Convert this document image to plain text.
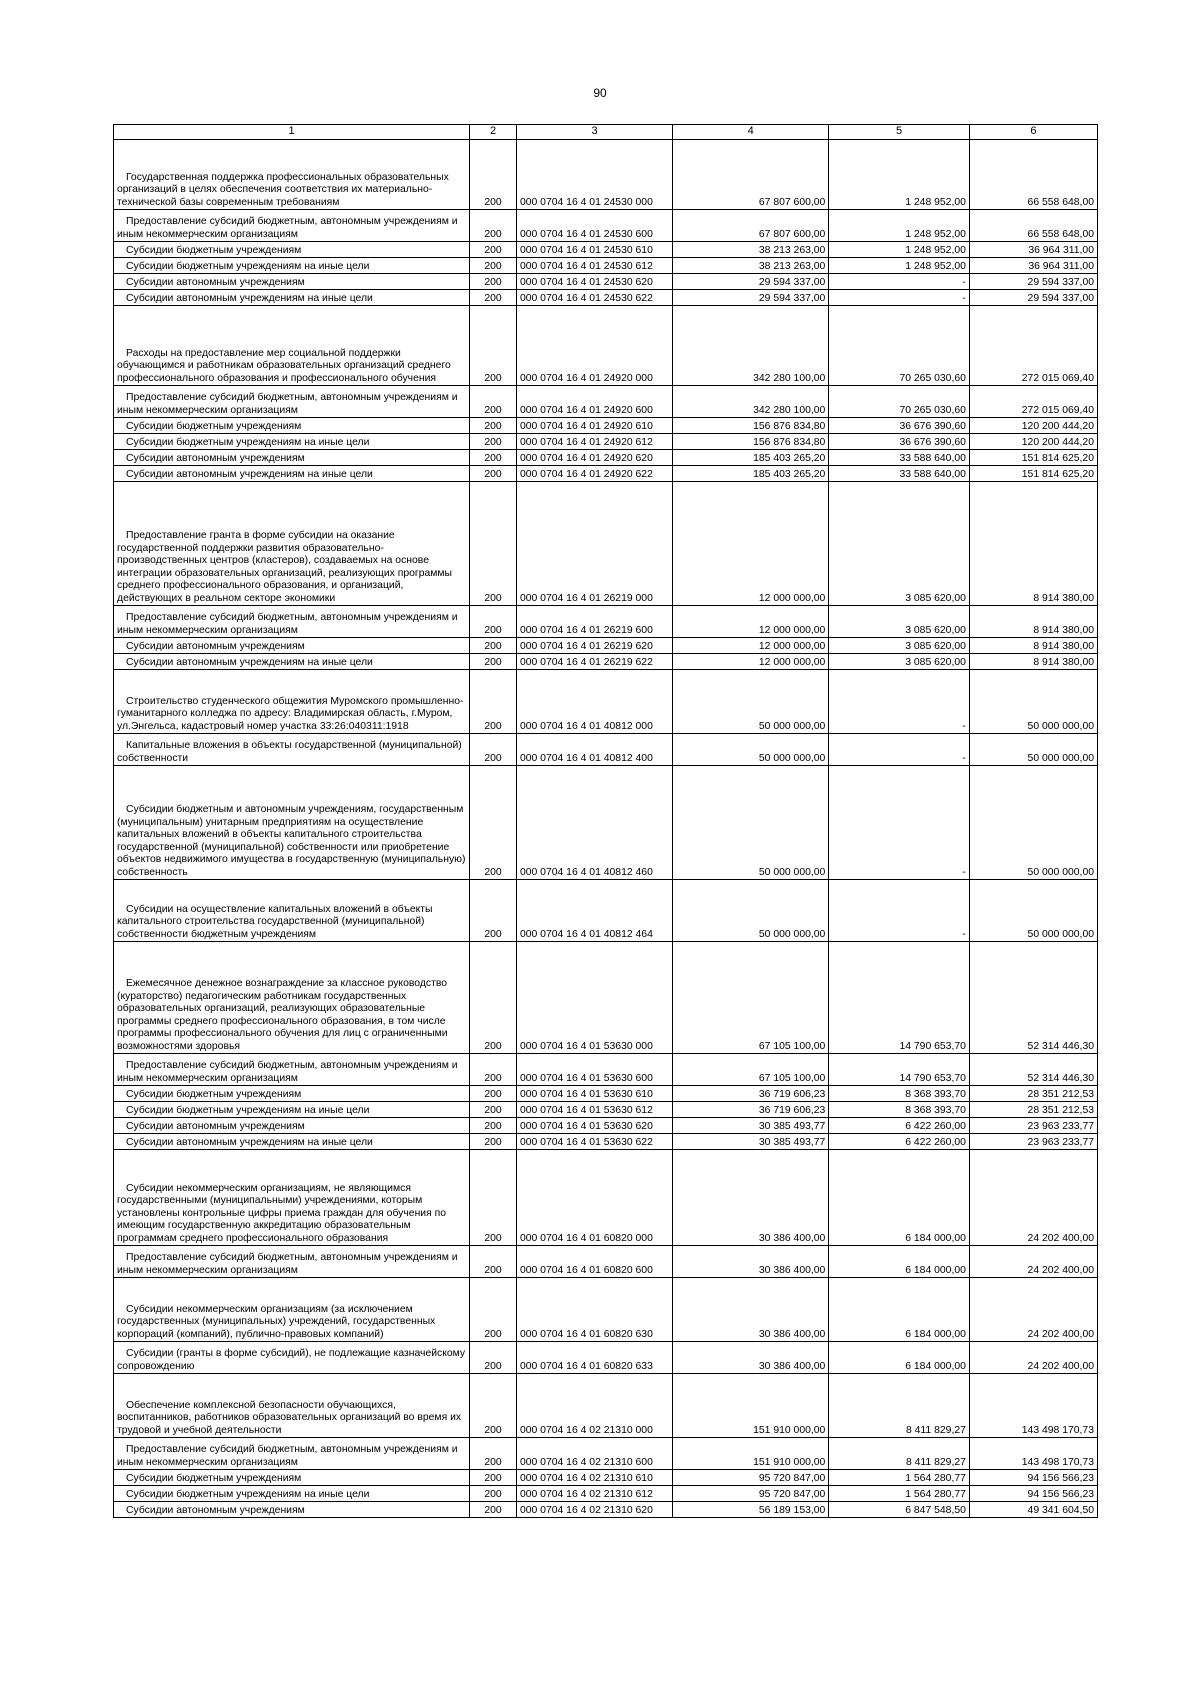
90
1	2	3	4	5	6
Государственная поддержка профессиональных образовательных организаций в целях обеспечения соответствия их материально-технической базы современным требованиям	200	000 0704 16 4 01 24530 000	67 807 600,00	1 248 952,00	66 558 648,00
Предоставление субсидий бюджетным, автономным учреждениям и иным некоммерческим организациям	200	000 0704 16 4 01 24530 600	67 807 600,00	1 248 952,00	66 558 648,00
Субсидии бюджетным учреждениям	200	000 0704 16 4 01 24530 610	38 213 263,00	1 248 952,00	36 964 311,00
Субсидии бюджетным учреждениям на иные цели	200	000 0704 16 4 01 24530 612	38 213 263,00	1 248 952,00	36 964 311,00
Субсидии автономным учреждениям	200	000 0704 16 4 01 24530 620	29 594 337,00	-	29 594 337,00
Субсидии автономным учреждениям на иные цели	200	000 0704 16 4 01 24530 622	29 594 337,00	-	29 594 337,00
Расходы на предоставление мер социальной поддержки обучающимся и работникам образовательных организаций среднего профессионального образования и профессионального обучения	200	000 0704 16 4 01 24920 000	342 280 100,00	70 265 030,60	272 015 069,40
Предоставление субсидий бюджетным, автономным учреждениям и иным некоммерческим организациям	200	000 0704 16 4 01 24920 600	342 280 100,00	70 265 030,60	272 015 069,40
Субсидии бюджетным учреждениям	200	000 0704 16 4 01 24920 610	156 876 834,80	36 676 390,60	120 200 444,20
Субсидии бюджетным учреждениям на иные цели	200	000 0704 16 4 01 24920 612	156 876 834,80	36 676 390,60	120 200 444,20
Субсидии автономным учреждениям	200	000 0704 16 4 01 24920 620	185 403 265,20	33 588 640,00	151 814 625,20
Субсидии автономным учреждениям на иные цели	200	000 0704 16 4 01 24920 622	185 403 265,20	33 588 640,00	151 814 625,20
Предоставление гранта в форме субсидии на оказание государственной поддержки развития образовательно-производственных центров (кластеров), создаваемых на основе интеграции образовательных организаций, реализующих программы среднего профессионального образования, и организаций, действующих в реальном секторе экономики	200	000 0704 16 4 01 26219 000	12 000 000,00	3 085 620,00	8 914 380,00
Предоставление субсидий бюджетным, автономным учреждениям и иным некоммерческим организациям	200	000 0704 16 4 01 26219 600	12 000 000,00	3 085 620,00	8 914 380,00
Субсидии автономным учреждениям	200	000 0704 16 4 01 26219 620	12 000 000,00	3 085 620,00	8 914 380,00
Субсидии автономным учреждениям на иные цели	200	000 0704 16 4 01 26219 622	12 000 000,00	3 085 620,00	8 914 380,00
Строительство студенческого общежития Муромского промышленно-гуманитарного колледжа по адресу: Владимирская область, г.Муром, ул.Энгельса, кадастровый номер участка 33:26:040311:1918	200	000 0704 16 4 01 40812 000	50 000 000,00	-	50 000 000,00
Капитальные вложения в объекты государственной (муниципальной) собственности	200	000 0704 16 4 01 40812 400	50 000 000,00	-	50 000 000,00
Субсидии бюджетным и автономным учреждениям, государственным (муниципальным) унитарным предприятиям на осуществление капитальных вложений в объекты капитального строительства государственной (муниципальной) собственности или приобретение объектов недвижимого имущества в государственную (муниципальную) собственность	200	000 0704 16 4 01 40812 460	50 000 000,00	-	50 000 000,00
Субсидии на осуществление капитальных вложений в объекты капитального строительства государственной (муниципальной) собственности бюджетным учреждениям	200	000 0704 16 4 01 40812 464	50 000 000,00	-	50 000 000,00
Ежемесячное денежное вознаграждение за классное руководство (кураторство) педагогическим работникам государственных образовательных организаций, реализующих образовательные программы среднего профессионального образования, в том числе программы профессионального обучения для лиц с ограниченными возможностями здоровья	200	000 0704 16 4 01 53630 000	67 105 100,00	14 790 653,70	52 314 446,30
Предоставление субсидий бюджетным, автономным учреждениям и иным некоммерческим организациям	200	000 0704 16 4 01 53630 600	67 105 100,00	14 790 653,70	52 314 446,30
Субсидии бюджетным учреждениям	200	000 0704 16 4 01 53630 610	36 719 606,23	8 368 393,70	28 351 212,53
Субсидии бюджетным учреждениям на иные цели	200	000 0704 16 4 01 53630 612	36 719 606,23	8 368 393,70	28 351 212,53
Субсидии автономным учреждениям	200	000 0704 16 4 01 53630 620	30 385 493,77	6 422 260,00	23 963 233,77
Субсидии автономным учреждениям на иные цели	200	000 0704 16 4 01 53630 622	30 385 493,77	6 422 260,00	23 963 233,77
Субсидии некоммерческим организациям, не являющимся государственными (муниципальными) учреждениями, которым установлены контрольные цифры приема граждан для обучения по имеющим государственную аккредитацию образовательным программам среднего профессионального образования	200	000 0704 16 4 01 60820 000	30 386 400,00	6 184 000,00	24 202 400,00
Предоставление субсидий бюджетным, автономным учреждениям и иным некоммерческим организациям	200	000 0704 16 4 01 60820 600	30 386 400,00	6 184 000,00	24 202 400,00
Субсидии некоммерческим организациям (за исключением государственных (муниципальных) учреждений, государственных корпораций (компаний), публично-правовых компаний)	200	000 0704 16 4 01 60820 630	30 386 400,00	6 184 000,00	24 202 400,00
Субсидии (гранты в форме субсидий), не подлежащие казначейскому сопровождению	200	000 0704 16 4 01 60820 633	30 386 400,00	6 184 000,00	24 202 400,00
Обеспечение комплексной безопасности обучающихся, воспитанников, работников образовательных организаций во время их трудовой и учебной деятельности	200	000 0704 16 4 02 21310 000	151 910 000,00	8 411 829,27	143 498 170,73
Предоставление субсидий бюджетным, автономным учреждениям и иным некоммерческим организациям	200	000 0704 16 4 02 21310 600	151 910 000,00	8 411 829,27	143 498 170,73
Субсидии бюджетным учреждениям	200	000 0704 16 4 02 21310 610	95 720 847,00	1 564 280,77	94 156 566,23
Субсидии бюджетным учреждениям на иные цели	200	000 0704 16 4 02 21310 612	95 720 847,00	1 564 280,77	94 156 566,23
Субсидии автономным учреждениям	200	000 0704 16 4 02 21310 620	56 189 153,00	6 847 548,50	49 341 604,50
